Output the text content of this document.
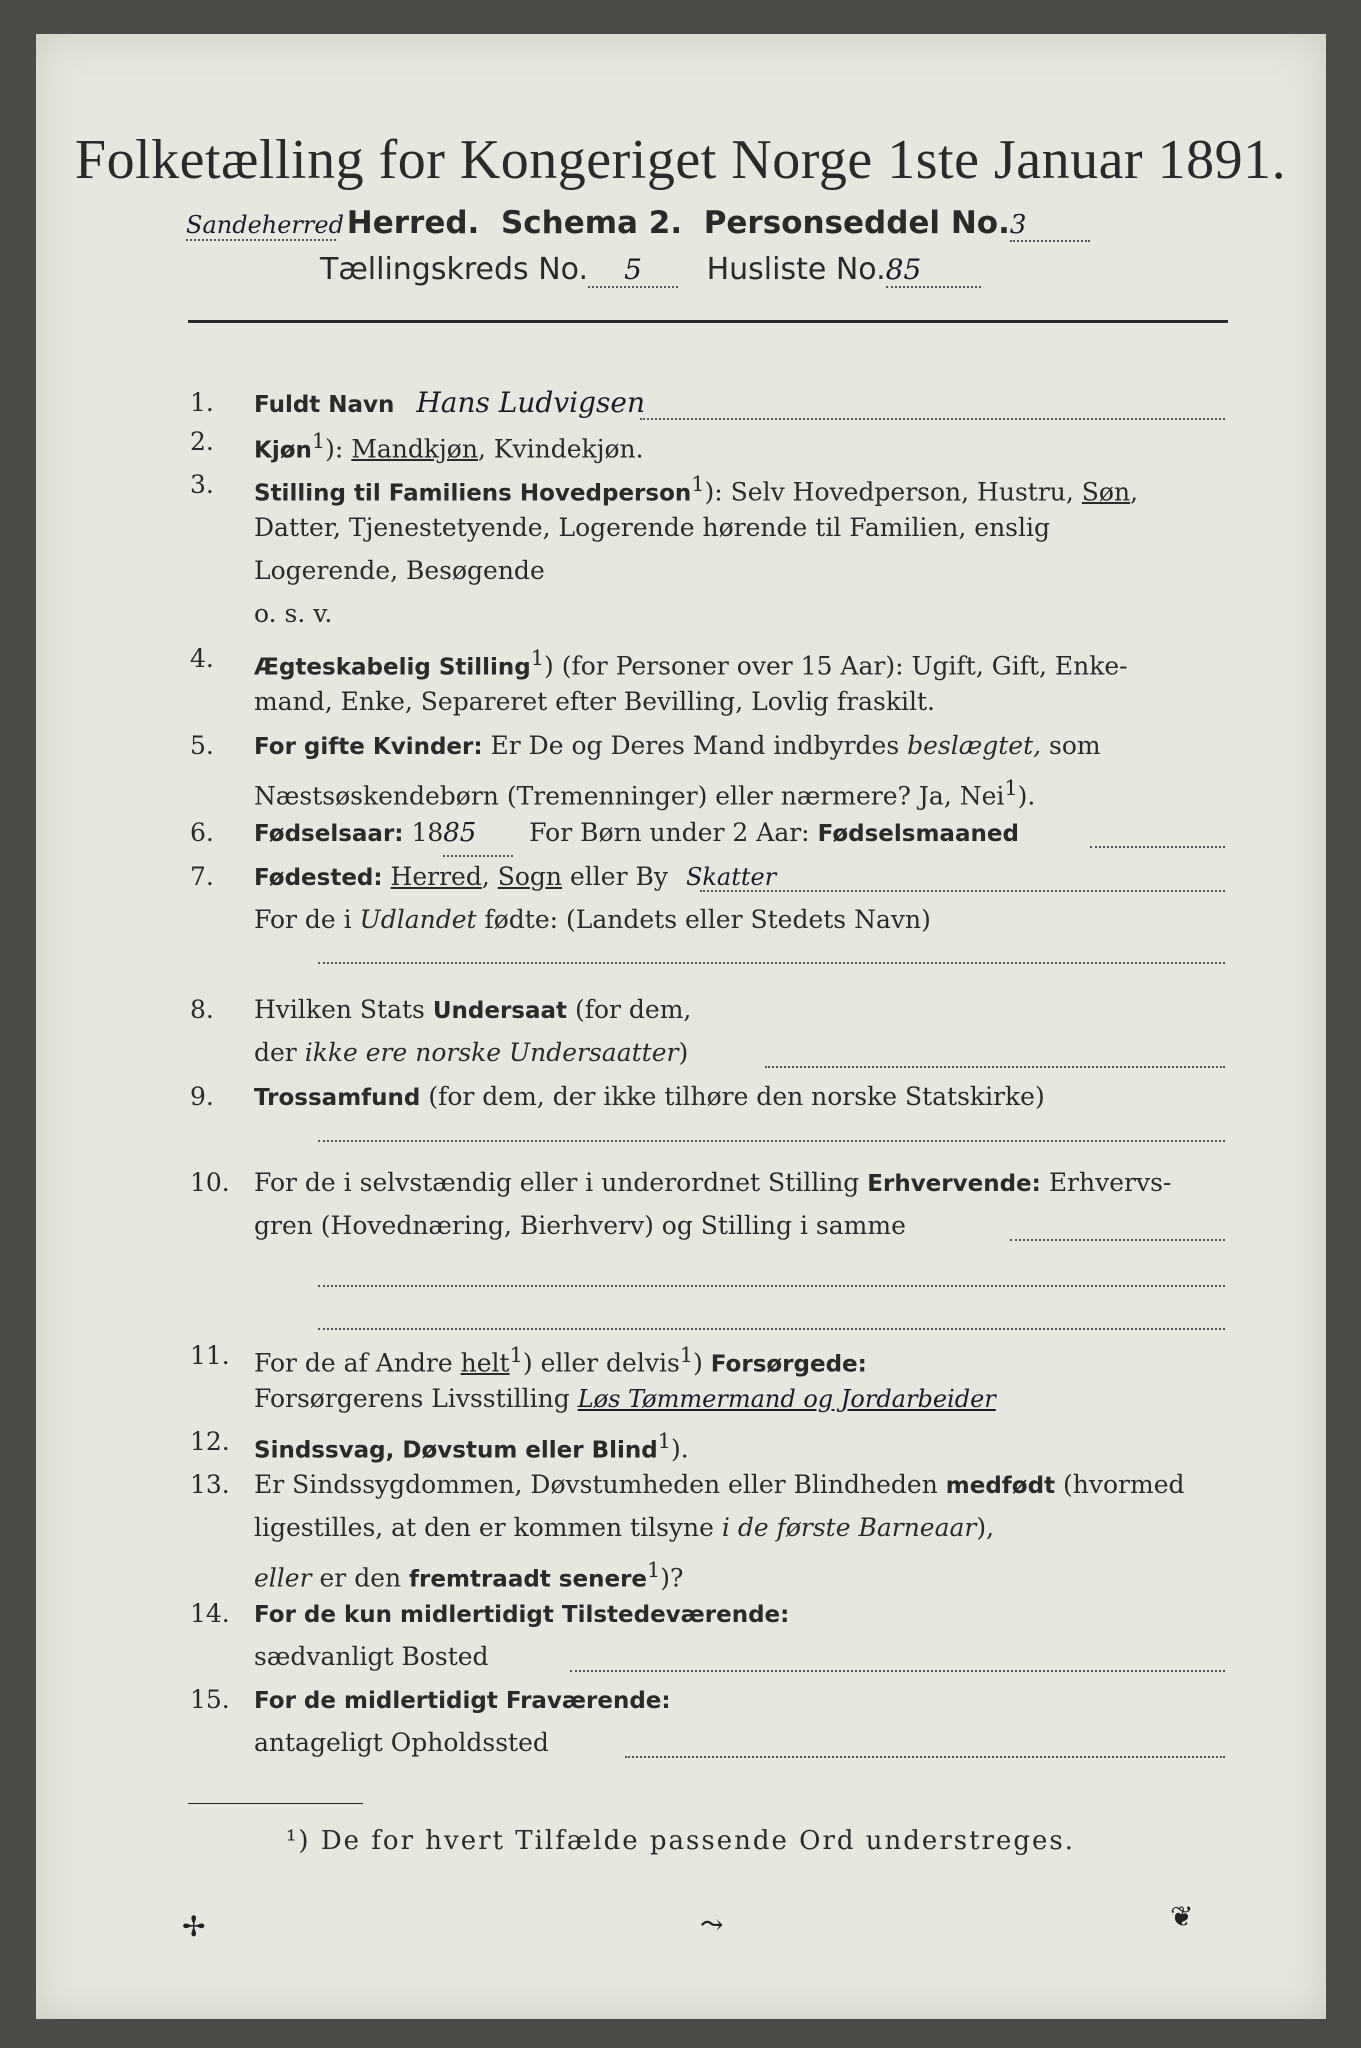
Folketælling for Kongeriget Norge 1ste Januar 1891.
Sandeherred Herred. Schema 2. Personseddel No.3
Tællingskreds No. 5 Husliste No.85
1.	Fuldt Navn Hans Ludvigsen
2.	Kjøn$^1$): Mandkjøn, Kvindekjøn.
3.	Stilling til Familiens Hovedperson$^1$): Selv Hovedperson, Hustru, Søn,
Datter, Tjenestetyende, Logerende hørende til Familien, enslig
Logerende, Besøgende
o. s. v.
4.	Ægteskabelig Stilling$^1$) (for Personer over 15 Aar): Ugift, Gift, Enke-
mand, Enke, Separeret efter Bevilling, Lovlig fraskilt.
5.	For gifte Kvinder: Er De og Deres Mand indbyrdes beslægtet, som
Næstsøskendebørn (Tremenninger) eller nærmere? Ja, Nei$^1$).
6.	Fødselsaar: 1885 For Børn under 2 Aar: Fødselsmaaned
7.	Fødested: Herred, Sogn eller By Skatter
For de i Udlandet fødte: (Landets eller Stedets Navn)
8.	Hvilken Stats Undersaat (for dem,
der ikke ere norske Undersaatter)
9.	Trossamfund (for dem, der ikke tilhøre den norske Statskirke)
10. For de i selvstændig eller i underordnet Stilling Erhvervende: Erhvervs-
gren (Hovednæring, Bierhverv) og Stilling i samme
11. For de af Andre helt$^1$) eller delvis$^1$) Forsørgede:
Forsørgerens Livsstilling Løs Tømmermand og Jordarbeider
12.	Sindssvag, Døvstum eller Blind$^1$).
13. Er Sindssygdommen, Døvstumheden eller Blindheden medfødt (hvormed
ligestilles, at den er kommen tilsyne i de første Barneaar),
eller er den fremtraadt senere$^1$)?
14.	For de kun midlertidigt Tilstedeværende:
sædvanligt Bosted
15.	For de midlertidigt Fraværende:
antageligt Opholdssted
¹) De for hvert Tilfælde passende Ord understreges.
✢	⤳	❦
